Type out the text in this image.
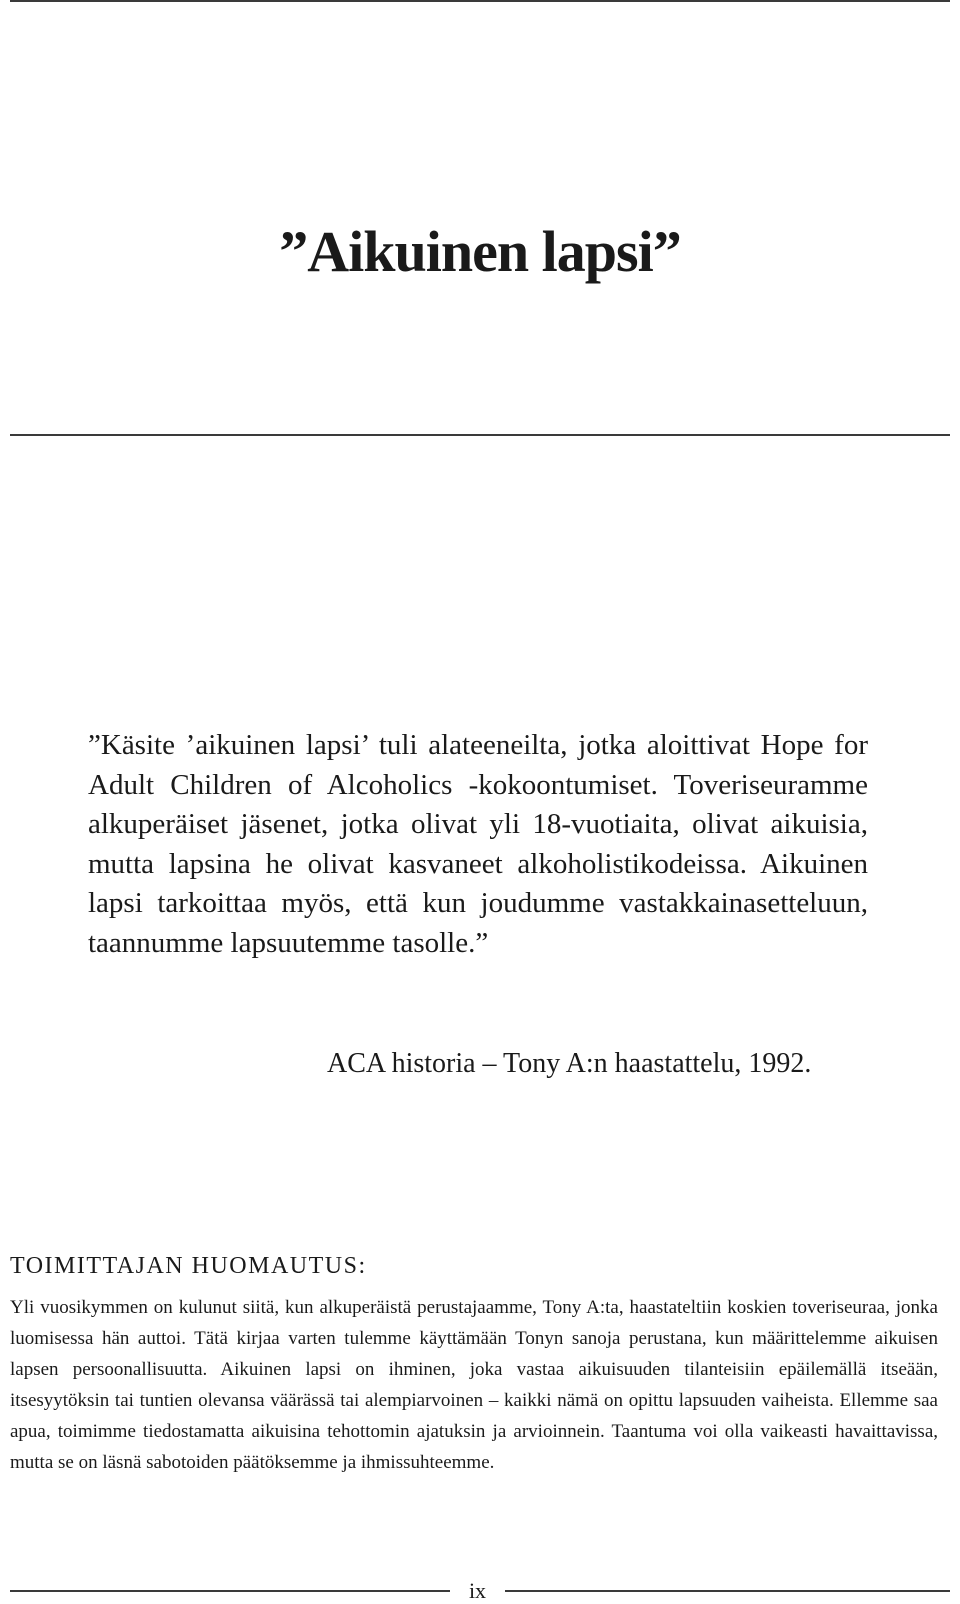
”Aikuinen lapsi”

”Käsite ’aikuinen lapsi’ tuli alateeneilta, jotka aloittivat Hope for Adult Children of Alcoholics -kokoontumiset. Toveriseuramme alkuperäiset jäsenet, jotka olivat yli 18-vuotiaita, olivat aikuisia, mutta lapsina he olivat kasvaneet alkoholistikodeissa. Aikuinen lapsi tarkoittaa myös, että kun joudumme vastakkainasetteluun, taannumme lapsuutemme tasolle.”

ACA historia – Tony A:n haastattelu, 1992.

TOIMITTAJAN HUOMAUTUS:

Yli vuosikymmen on kulunut siitä, kun alkuperäistä perustajaamme, Tony A:ta, haastateltiin koskien toveriseuraa, jonka luomisessa hän auttoi. Tätä kirjaa varten tulemme käyttämään Tonyn sanoja perustana, kun määrittelemme aikuisen lapsen persoonallisuutta. Aikuinen lapsi on ihminen, joka vastaa aikuisuuden tilanteisiin epäilemällä itseään, itsesyytöksin tai tuntien olevansa väärässä tai alempiarvoinen – kaikki nämä on opittu lapsuuden vaiheista. Ellemme saa apua, toimimme tiedostamatta aikuisina tehottomin ajatuksin ja arvioinnein. Taantuma voi olla vaikeasti havaittavissa, mutta se on läsnä sabotoiden päätöksemme ja ihmissuhteemme.

ix
